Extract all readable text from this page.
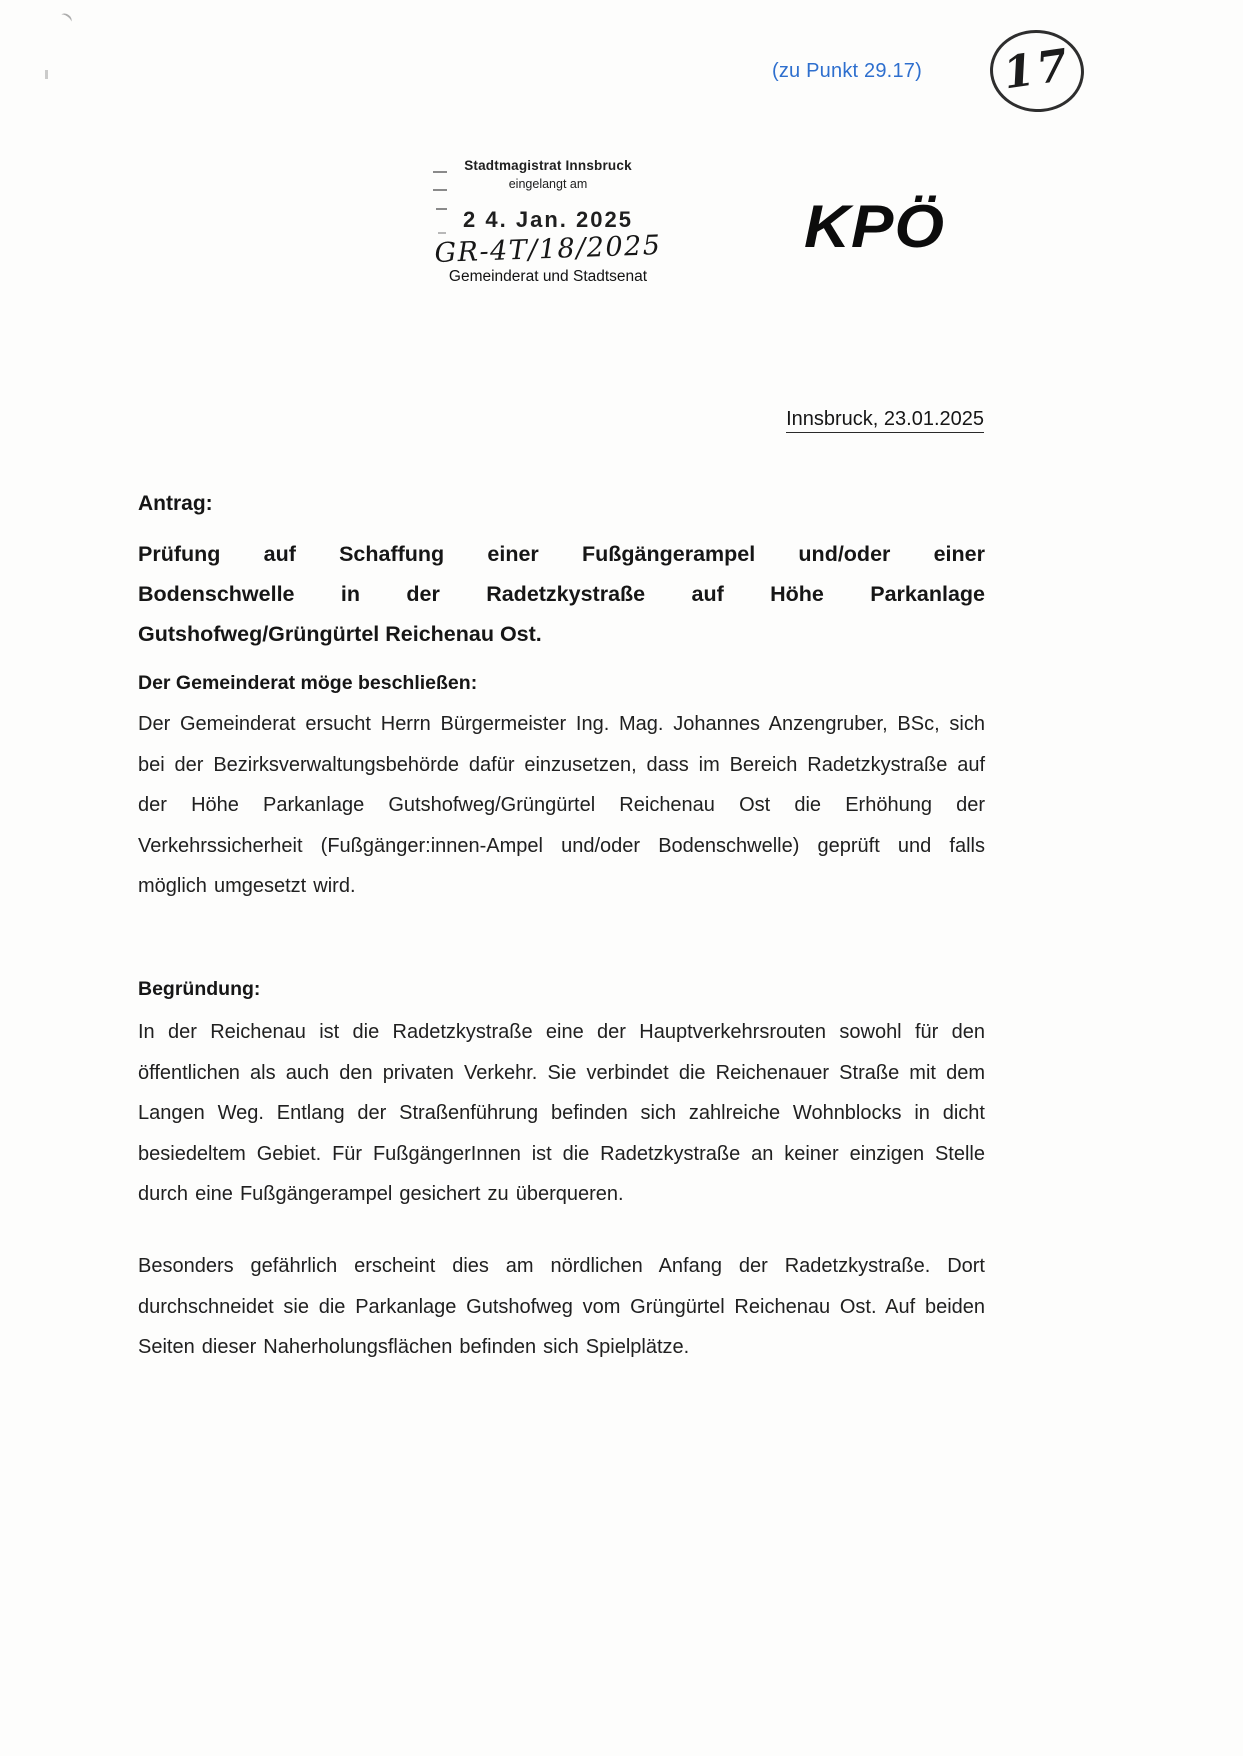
(zu Punkt 29.17) 17
Stadtmagistrat Innsbruck
eingelangt am
2 4. Jan. 2025
GR-4T/18/2025
Gemeinderat und Stadtsenat
KPÖ
Innsbruck, 23.01.2025
Antrag:
Prüfung auf Schaffung einer Fußgängerampel und/oder einer
Bodenschwelle in der Radetzkystraße auf Höhe Parkanlage
Gutshofweg/Grüngürtel Reichenau Ost.
Der Gemeinderat möge beschließen:
Der Gemeinderat ersucht Herrn Bürgermeister Ing. Mag. Johannes Anzengruber, BSc, sich bei der Bezirksverwaltungsbehörde dafür einzusetzen, dass im Bereich Radetzkystraße auf der Höhe Parkanlage Gutshofweg/Grüngürtel Reichenau Ost die Erhöhung der Verkehrssicherheit (Fußgänger:innen-Ampel und/oder Bodenschwelle) geprüft und falls möglich umgesetzt wird.
Begründung:
In der Reichenau ist die Radetzkystraße eine der Hauptverkehrsrouten sowohl für den öffentlichen als auch den privaten Verkehr. Sie verbindet die Reichenauer Straße mit dem Langen Weg. Entlang der Straßenführung befinden sich zahlreiche Wohnblocks in dicht besiedeltem Gebiet. Für FußgängerInnen ist die Radetzkystraße an keiner einzigen Stelle durch eine Fußgängerampel gesichert zu überqueren.
Besonders gefährlich erscheint dies am nördlichen Anfang der Radetzkystraße. Dort durchschneidet sie die Parkanlage Gutshofweg vom Grüngürtel Reichenau Ost. Auf beiden Seiten dieser Naherholungsflächen befinden sich Spielplätze.
